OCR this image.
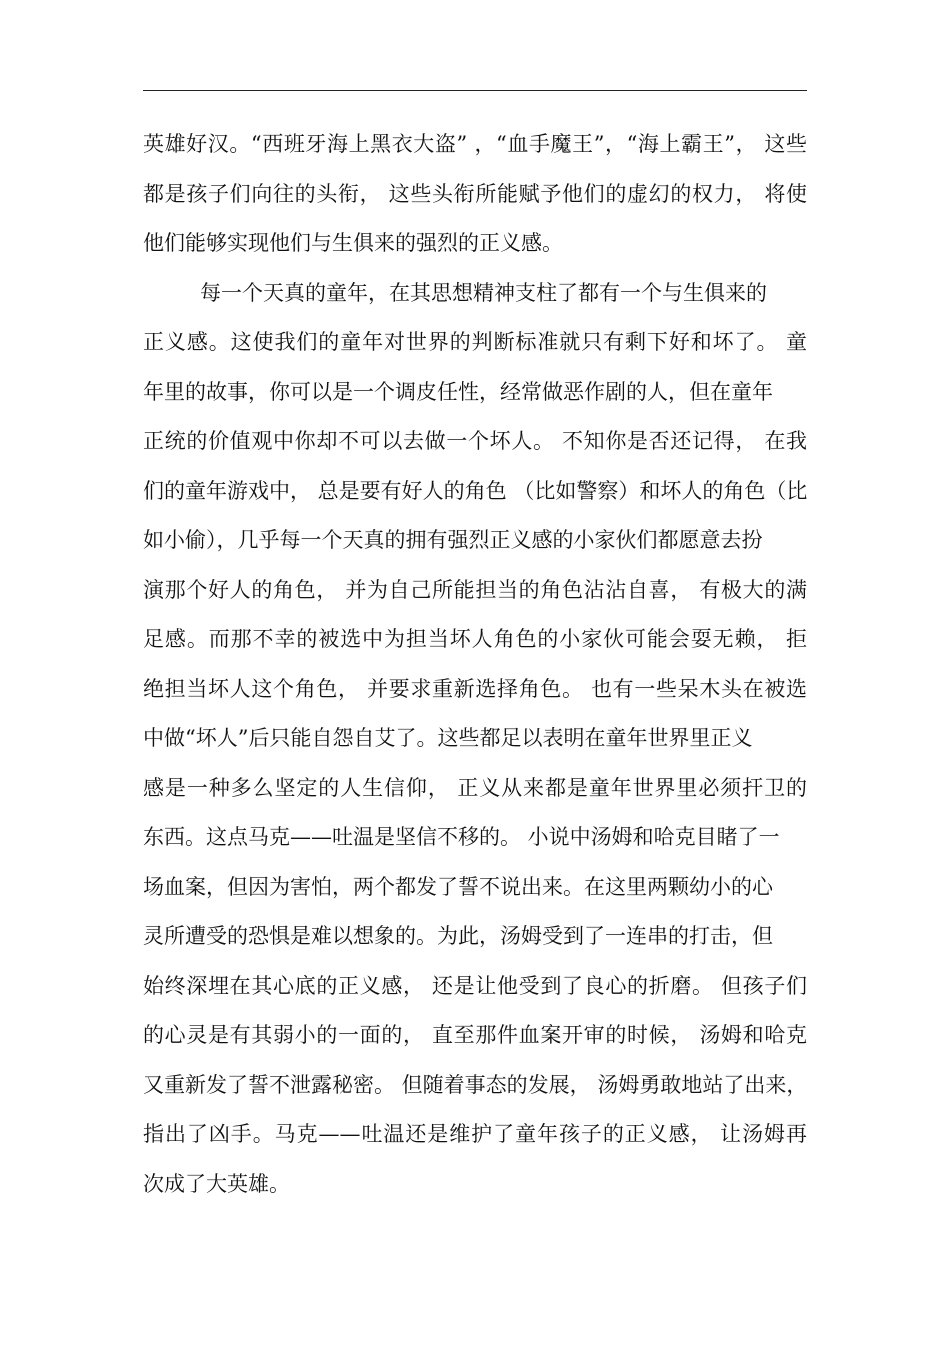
英雄好汉。“西班牙海上黑衣大盗” ，“血手魔王”，“海上霸王”， 这些
都是孩子们向往的头衔， 这些头衔所能赋予他们的虚幻的权力， 将使
他们能够实现他们与生俱来的强烈的正义感。
每一个天真的童年，在其思想精神支柱了都有一个与生俱来的
正义感。这使我们的童年对世界的判断标准就只有剩下好和坏了。 童
年里的故事，你可以是一个调皮任性，经常做恶作剧的人，但在童年
正统的价值观中你却不可以去做一个坏人。 不知你是否还记得， 在我
们的童年游戏中， 总是要有好人的角色 （比如警察）和坏人的角色（比
如小偷），几乎每一个天真的拥有强烈正义感的小家伙们都愿意去扮
演那个好人的角色， 并为自己所能担当的角色沾沾自喜， 有极大的满
足感。而那不幸的被选中为担当坏人角色的小家伙可能会耍无赖， 拒
绝担当坏人这个角色， 并要求重新选择角色。 也有一些呆木头在被选
中做“坏人”后只能自怨自艾了。这些都足以表明在童年世界里正义
感是一种多么坚定的人生信仰， 正义从来都是童年世界里必须扞卫的
东西。这点马克——吐温是坚信不移的。 小说中汤姆和哈克目睹了一
场血案，但因为害怕，两个都发了誓不说出来。在这里两颗幼小的心
灵所遭受的恐惧是难以想象的。为此，汤姆受到了一连串的打击，但
始终深埋在其心底的正义感， 还是让他受到了良心的折磨。 但孩子们
的心灵是有其弱小的一面的， 直至那件血案开审的时候， 汤姆和哈克
又重新发了誓不泄露秘密。 但随着事态的发展， 汤姆勇敢地站了出来，
指出了凶手。马克——吐温还是维护了童年孩子的正义感， 让汤姆再
次成了大英雄。
